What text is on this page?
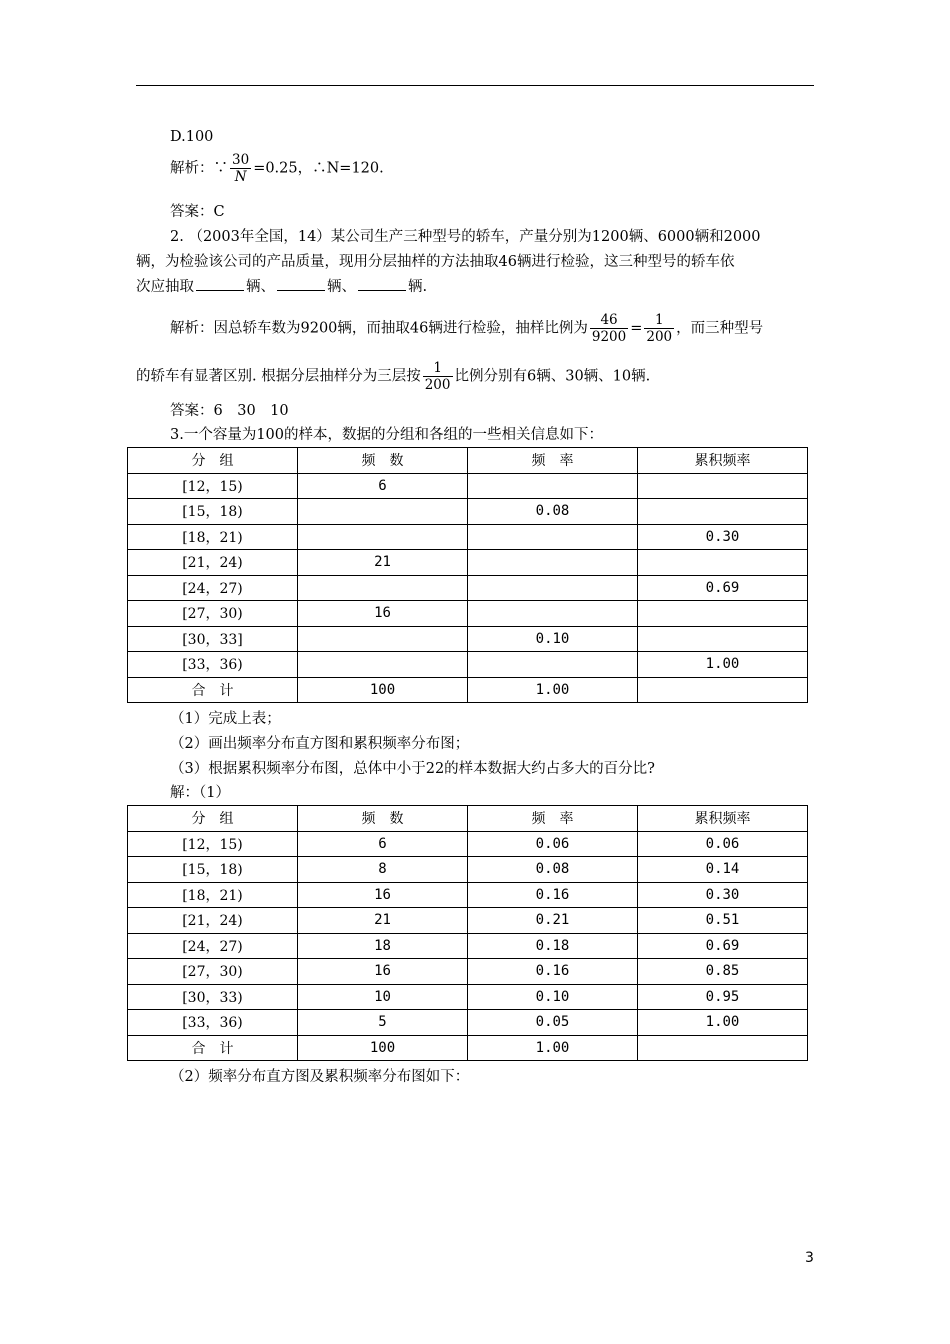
D.100
解析：∵ $\frac{30}{N} =0.25$，∴N=120.
答案：C
2. （2003年全国，14）某公司生产三种型号的轿车，产量分别为1200辆、6000辆和2000
辆，为检验该公司的产品质量，现用分层抽样的方法抽取46辆进行检验，这三种型号的轿车依
次应抽取	辆、	辆、	辆.
解析：因总轿车数为9200辆，而抽取46辆进行检验，抽样比例为 $\frac{46}{9200} = \frac{1}{200}$ ，而三种型号
的轿车有显著区别. 根据分层抽样分为三层按 $\frac{1}{200}$ 比例分别有6辆、30辆、10辆.
答案：6　30　10
3.一个容量为100的样本，数据的分组和各组的一些相关信息如下：
分　组	频　数	频　率	累积频率
[12，15)	6		
[15，18)		0.08	
[18，21)			0.30
[21，24)	21		
[24，27)			0.69
[27，30)	16		
[30，33]		0.10	
[33，36)			1.00
合　计	100	1.00	
（1）完成上表；
（2）画出频率分布直方图和累积频率分布图；
（3）根据累积频率分布图，总体中小于22的样本数据大约占多大的百分比?
解：（1）
分　组	频　数	频　率	累积频率
[12，15)	6	0.06	0.06
[15，18)	8	0.08	0.14
[18，21)	16	0.16	0.30
[21，24)	21	0.21	0.51
[24，27)	18	0.18	0.69
[27，30)	16	0.16	0.85
[30，33)	10	0.10	0.95
[33，36)	5	0.05	1.00
合　计	100	1.00	
（2）频率分布直方图及累积频率分布图如下：
3
